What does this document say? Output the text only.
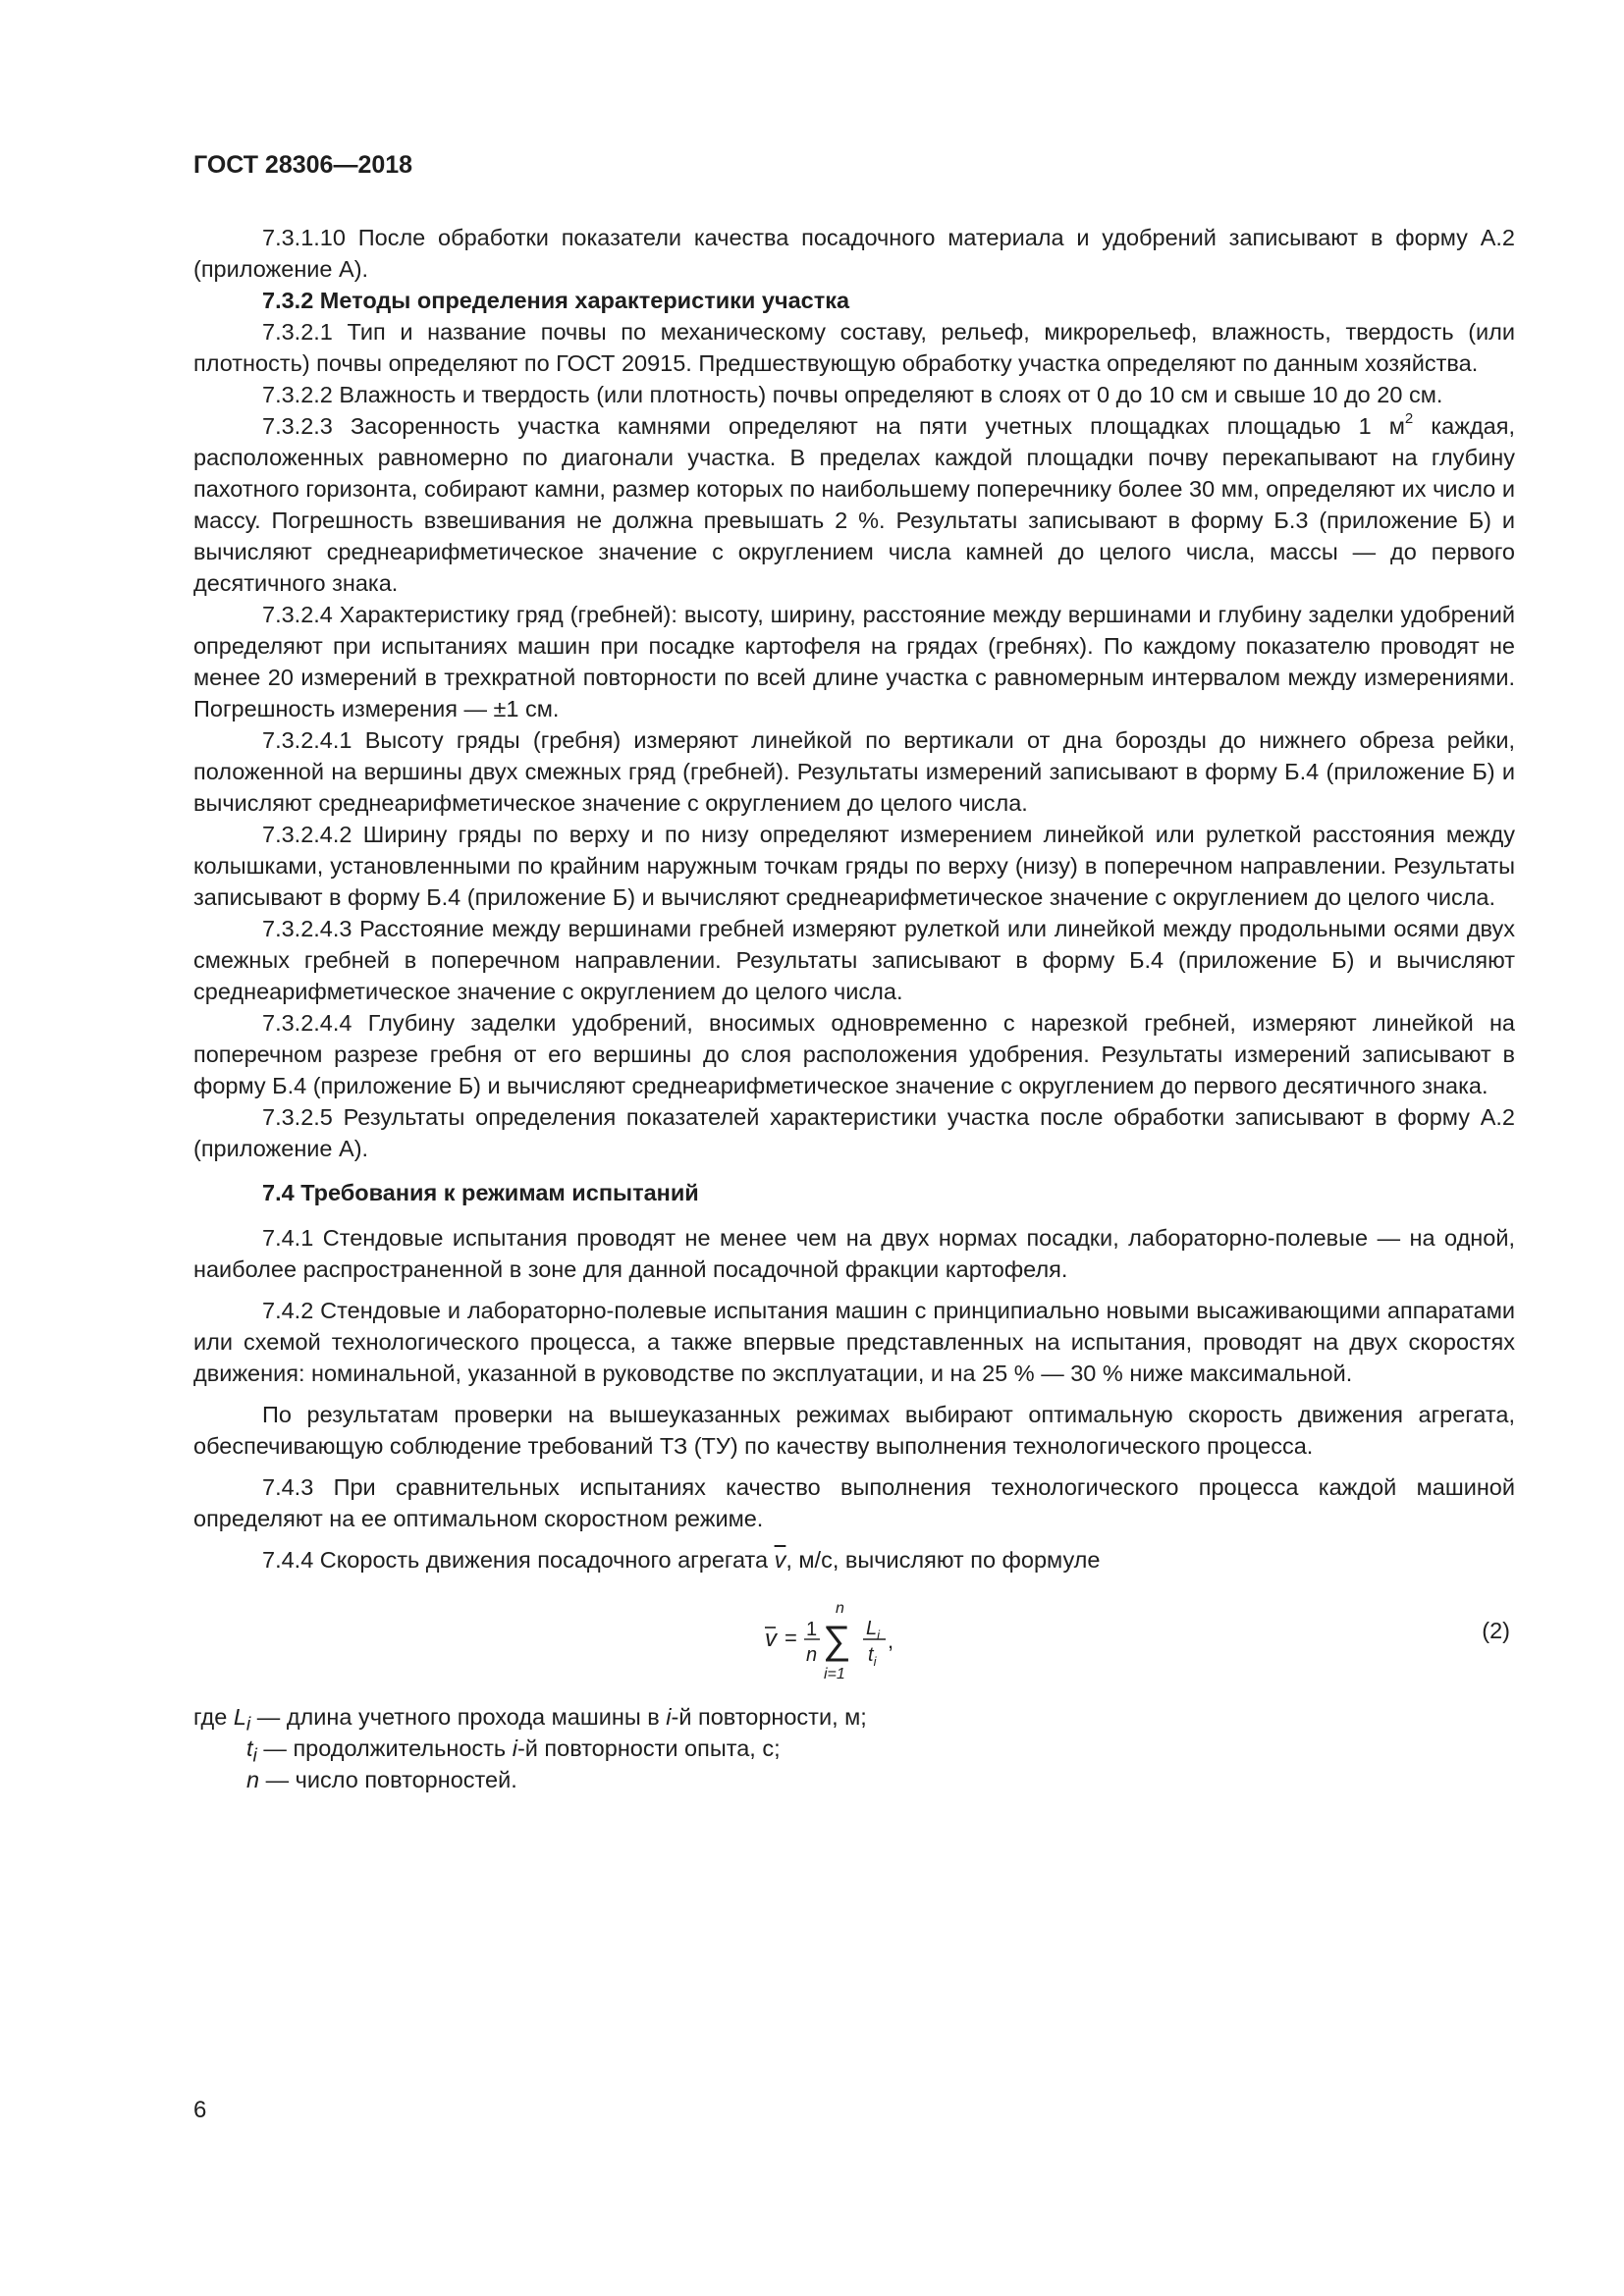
ГОСТ 28306—2018

7.3.1.10 После обработки показатели качества посадочного материала и удобрений записывают в форму А.2 (приложение А).

7.3.2 Методы определения характеристики участка

7.3.2.1 Тип и название почвы по механическому составу, рельеф, микрорельеф, влажность, твердость (или плотность) почвы определяют по ГОСТ 20915. Предшествующую обработку участка определяют по данным хозяйства.

7.3.2.2 Влажность и твердость (или плотность) почвы определяют в слоях от 0 до 10 см и свыше 10 до 20 см.

7.3.2.3 Засоренность участка камнями определяют на пяти учетных площадках площадью 1 $м^2$ каждая, расположенных равномерно по диагонали участка. В пределах каждой площадки почву перекапывают на глубину пахотного горизонта, собирают камни, размер которых по наибольшему поперечнику более 30 мм, определяют их число и массу. Погрешность взвешивания не должна превышать 2 %. Результаты записывают в форму Б.3 (приложение Б) и вычисляют среднеарифметическое значение с округлением числа камней до целого числа, массы — до первого десятичного знака.

7.3.2.4 Характеристику гряд (гребней): высоту, ширину, расстояние между вершинами и глубину заделки удобрений определяют при испытаниях машин при посадке картофеля на грядах (гребнях). По каждому показателю проводят не менее 20 измерений в трехкратной повторности по всей длине участка с равномерным интервалом между измерениями. Погрешность измерения — ±1 см.

7.3.2.4.1 Высоту гряды (гребня) измеряют линейкой по вертикали от дна борозды до нижнего обреза рейки, положенной на вершины двух смежных гряд (гребней). Результаты измерений записывают в форму Б.4 (приложение Б) и вычисляют среднеарифметическое значение с округлением до целого числа.

7.3.2.4.2 Ширину гряды по верху и по низу определяют измерением линейкой или рулеткой расстояния между колышками, установленными по крайним наружным точкам гряды по верху (низу) в поперечном направлении. Результаты записывают в форму Б.4 (приложение Б) и вычисляют среднеарифметическое значение с округлением до целого числа.

7.3.2.4.3 Расстояние между вершинами гребней измеряют рулеткой или линейкой между продольными осями двух смежных гребней в поперечном направлении. Результаты записывают в форму Б.4 (приложение Б) и вычисляют среднеарифметическое значение с округлением до целого числа.

7.3.2.4.4 Глубину заделки удобрений, вносимых одновременно с нарезкой гребней, измеряют линейкой на поперечном разрезе гребня от его вершины до слоя расположения удобрения. Результаты измерений записывают в форму Б.4 (приложение Б) и вычисляют среднеарифметическое значение с округлением до первого десятичного знака.

7.3.2.5 Результаты определения показателей характеристики участка после обработки записывают в форму А.2 (приложение А).

7.4 Требования к режимам испытаний

7.4.1 Стендовые испытания проводят не менее чем на двух нормах посадки, лабораторно-полевые — на одной, наиболее распространенной в зоне для данной посадочной фракции картофеля.

7.4.2 Стендовые и лабораторно-полевые испытания машин с принципиально новыми высаживающими аппаратами или схемой технологического процесса, а также впервые представленных на испытания, проводят на двух скоростях движения: номинальной, указанной в руководстве по эксплуатации, и на 25 % — 30 % ниже максимальной.

По результатам проверки на вышеуказанных режимах выбирают оптимальную скорость движения агрегата, обеспечивающую соблюдение требований ТЗ (ТУ) по качеству выполнения технологического процесса.

7.4.3 При сравнительных испытаниях качество выполнения технологического процесса каждой машиной определяют на ее оптимальном скоростном режиме.

7.4.4 Скорость движения посадочного агрегата $\overline{v}$, м/с, вычисляют по формуле

v = 1
n
n
∑
i=1
$L_i$
$t_i$
,	(2)
где $L_i$ — длина учетного прохода машины в i-й повторности, м;
$t_i$ — продолжительность i-й повторности опыта, с;
n — число повторностей.
6
